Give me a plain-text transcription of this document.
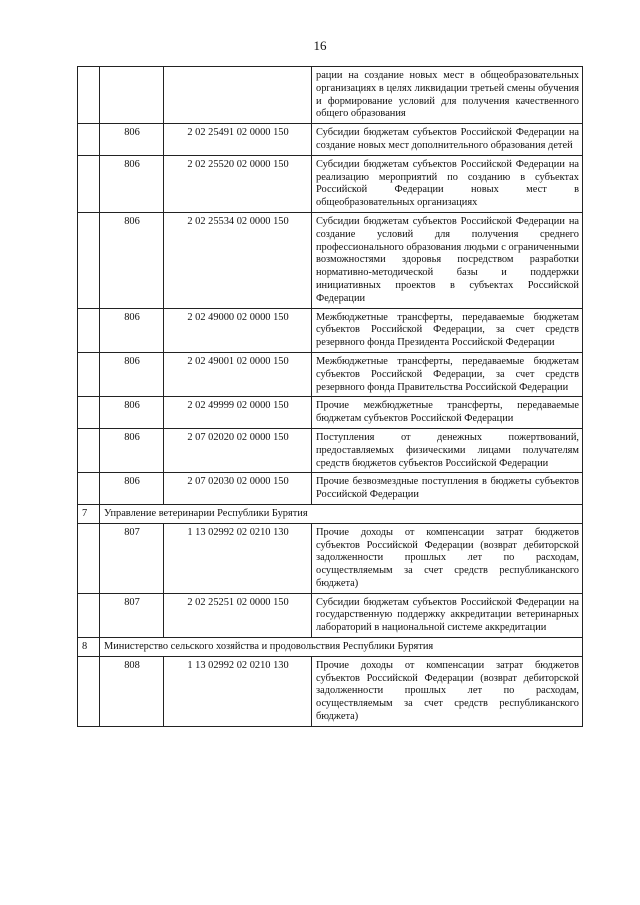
16
			рации на создание новых мест в общеобразовательных организациях в целях ликвидации третьей смены обучения и формирование условий для получения качественного общего образования
	806	2 02 25491 02 0000 150	Субсидии бюджетам субъектов Российской Федерации на создание новых мест дополнительного образования детей
	806	2 02 25520 02 0000 150	Субсидии бюджетам субъектов Российской Федерации на реализацию мероприятий по созданию в субъектах Российской Федерации новых мест в общеобразовательных организациях
	806	2 02 25534 02 0000 150	Субсидии бюджетам субъектов Российской Федерации на создание условий для получения среднего профессионального образования людьми с ограниченными возможностями здоровья посредством разработки нормативно-методической базы и поддержки инициативных проектов в субъектах Российской Федерации
	806	2 02 49000 02 0000 150	Межбюджетные трансферты, передаваемые бюджетам субъектов Российской Федерации, за счет средств резервного фонда Президента Российской Федерации
	806	2 02 49001 02 0000 150	Межбюджетные трансферты, передаваемые бюджетам субъектов Российской Федерации, за счет средств резервного фонда Правительства Российской Федерации
	806	2 02 49999 02 0000 150	Прочие межбюджетные трансферты, передаваемые бюджетам субъектов Российской Федерации
	806	2 07 02020 02 0000 150	Поступления от денежных пожертвований, предоставляемых физическими лицами получателям средств бюджетов субъектов Российской Федерации
	806	2 07 02030 02 0000 150	Прочие безвозмездные поступления в бюджеты субъектов Российской Федерации
7	Управление ветеринарии Республики Бурятия		
	807	1 13 02992 02 0210 130	Прочие доходы от компенсации затрат бюджетов субъектов Российской Федерации (возврат дебиторской задолженности прошлых лет по расходам, осуществляемым за счет средств республиканского бюджета)
	807	2 02 25251 02 0000 150	Субсидии бюджетам субъектов Российской Федерации на государственную поддержку аккредитации ветеринарных лабораторий в национальной системе аккредитации
8	Министерство сельского хозяйства и продовольствия Республики Бурятия		
	808	1 13 02992 02 0210 130	Прочие доходы от компенсации затрат бюджетов субъектов Российской Федерации (возврат дебиторской задолженности прошлых лет по расходам, осуществляемым за счет средств республиканского бюджета)
